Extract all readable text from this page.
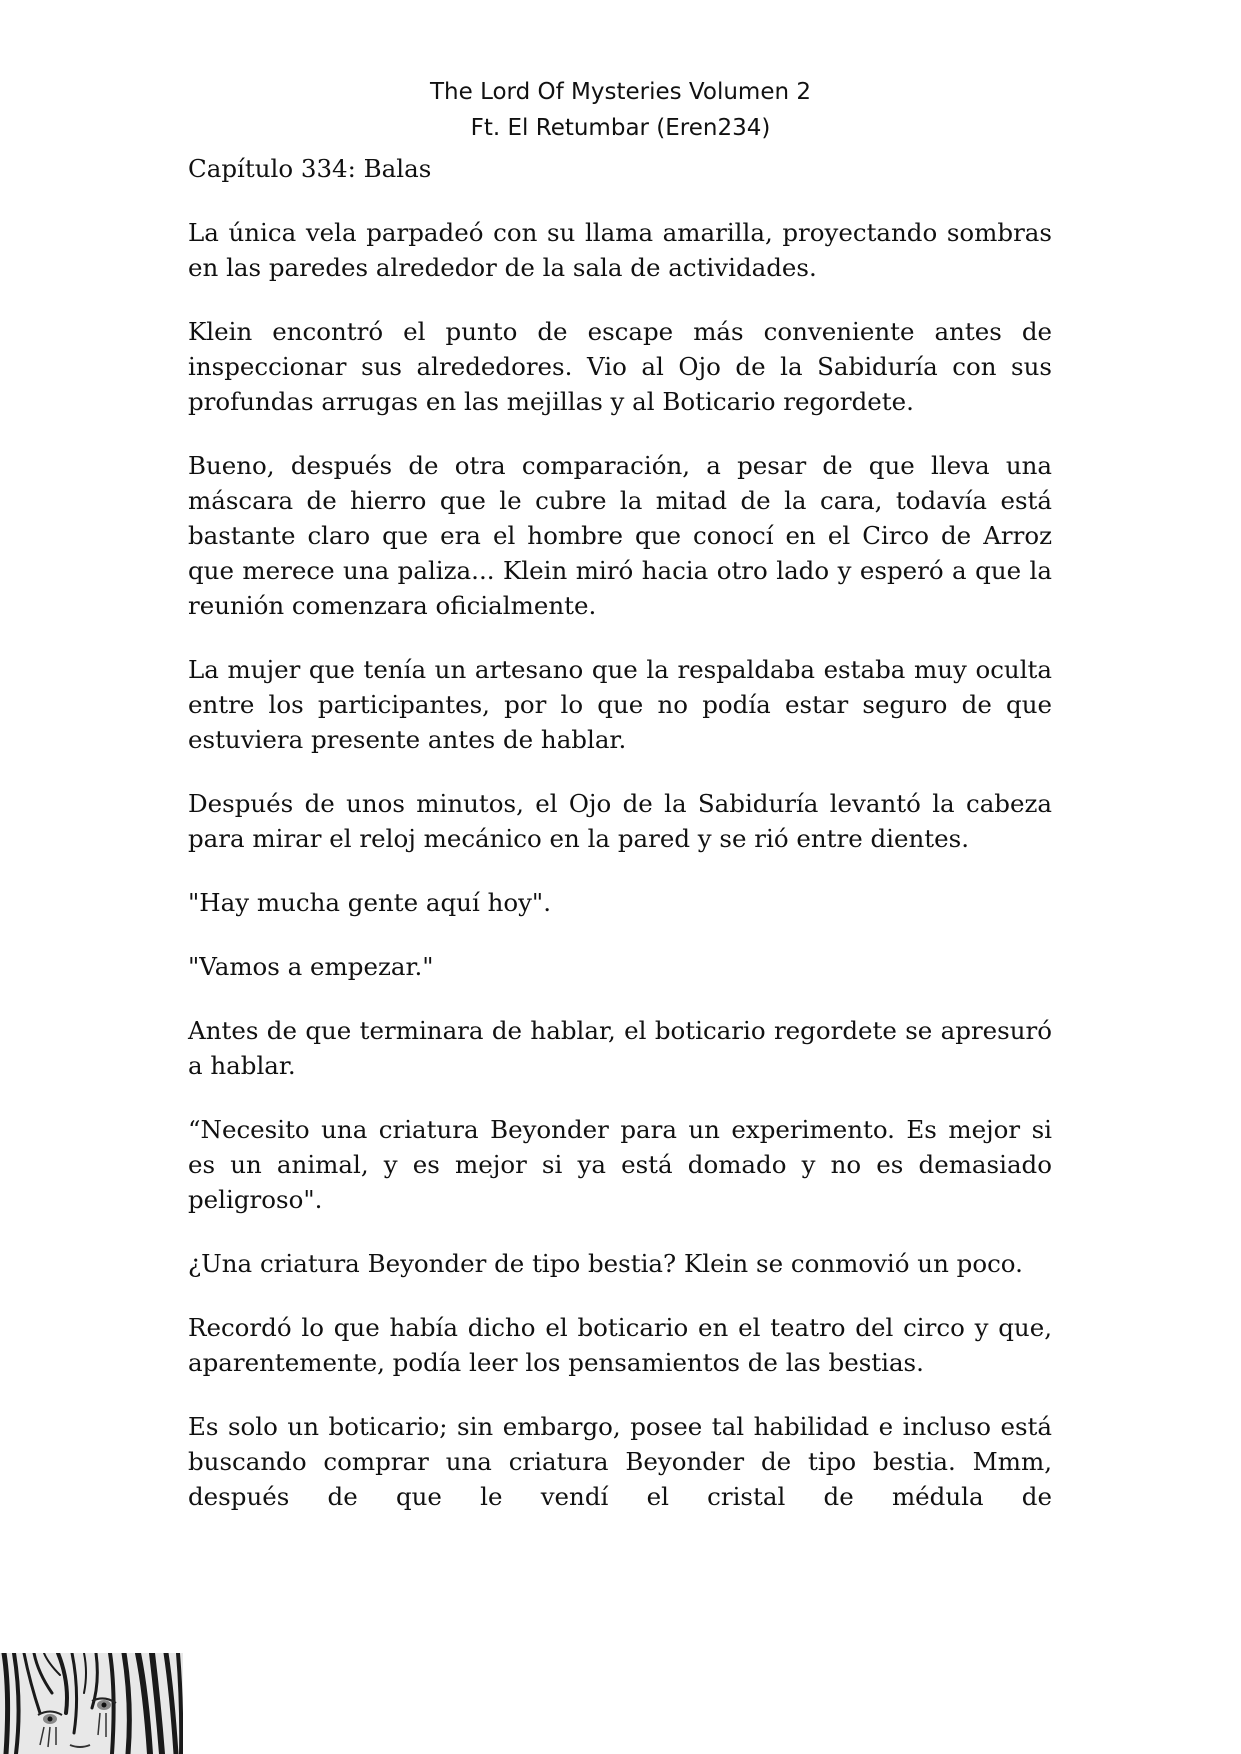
The Lord Of Mysteries Volumen 2
Ft. El Retumbar (Eren234)

Capítulo 334: Balas

La única vela parpadeó con su llama amarilla, proyectando sombras en las paredes alrededor de la sala de actividades.

Klein encontró el punto de escape más conveniente antes de inspeccionar sus alrededores. Vio al Ojo de la Sabiduría con sus profundas arrugas en las mejillas y al Boticario regordete.

Bueno, después de otra comparación, a pesar de que lleva una máscara de hierro que le cubre la mitad de la cara, todavía está bastante claro que era el hombre que conocí en el Circo de Arroz que merece una paliza... Klein miró hacia otro lado y esperó a que la reunión comenzara oficialmente.

La mujer que tenía un artesano que la respaldaba estaba muy oculta entre los participantes, por lo que no podía estar seguro de que estuviera presente antes de hablar.

Después de unos minutos, el Ojo de la Sabiduría levantó la cabeza para mirar el reloj mecánico en la pared y se rió entre dientes.

"Hay mucha gente aquí hoy".

"Vamos a empezar."

Antes de que terminara de hablar, el boticario regordete se apresuró a hablar.

“Necesito una criatura Beyonder para un experimento. Es mejor si es un animal, y es mejor si ya está domado y no es demasiado peligroso".

¿Una criatura Beyonder de tipo bestia? Klein se conmovió un poco.

Recordó lo que había dicho el boticario en el teatro del circo y que, aparentemente, podía leer los pensamientos de las bestias.

Es solo un boticario; sin embargo, posee tal habilidad e incluso está buscando comprar una criatura Beyonder de tipo bestia. Mmm, después de que le vendí el cristal de médula de
